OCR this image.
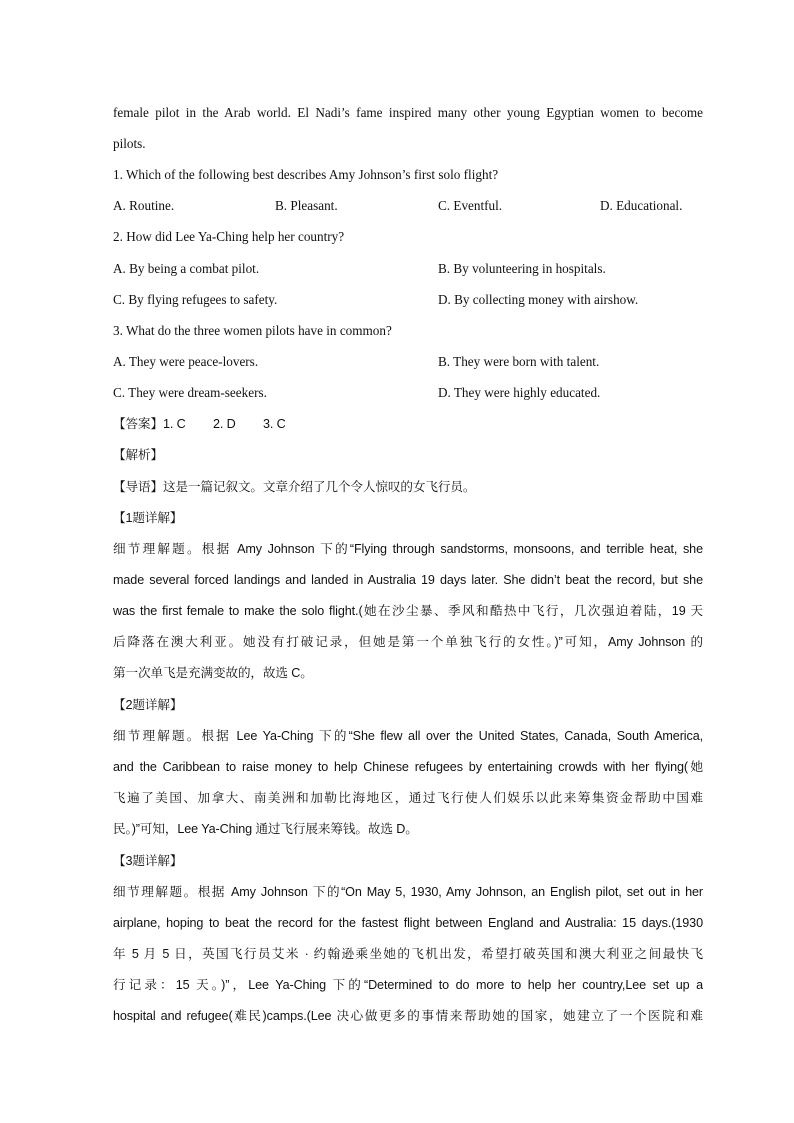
female pilot in the Arab world. El Nadi’s fame inspired many other young Egyptian women to become
pilots.
1. Which of the following best describes Amy Johnson’s first solo flight?
A. Routine.	B. Pleasant.	C. Eventful.	D. Educational.
2. How did Lee Ya-Ching help her country?
A. By being a combat pilot.	B. By volunteering in hospitals.
C. By flying refugees to safety.	D. By collecting money with airshow.
3. What do the three women pilots have in common?
A. They were peace-lovers.	B. They were born with talent.
C. They were dream-seekers.	D. They were highly educated.
【答案】1. C 2. D 3. C
【解析】
【导语】这是一篇记叙文。文章介绍了几个令人惊叹的女飞行员。
【1题详解】
细节理解题。根据 Amy Johnson 下的“Flying through sandstorms, monsoons, and terrible heat, she
made several forced landings and landed in Australia 19 days later. She didn’t beat the record, but she
was the first female to make the solo flight.(她在沙尘暴、季风和酷热中飞行，几次强迫着陆，19 天
后降落在澳大利亚。她没有打破记录，但她是第一个单独飞行的女性。)”可知，Amy Johnson 的
第一次单飞是充满变故的，故选 C。
【2题详解】
细节理解题。根据 Lee Ya-Ching 下的“She flew all over the United States, Canada, South America,
and the Caribbean to raise money to help Chinese refugees by entertaining crowds with her flying(她
飞遍了美国、加拿大、南美洲和加勒比海地区，通过飞行使人们娱乐以此来筹集资金帮助中国难
民。)”可知，Lee Ya-Ching 通过飞行展来筹钱。故选 D。
【3题详解】
细节理解题。根据 Amy Johnson 下的“On May 5, 1930, Amy Johnson, an English pilot, set out in her
airplane, hoping to beat the record for the fastest flight between England and Australia: 15 days.(1930
年 5 月 5 日，英国飞行员艾米 · 约翰逊乘坐她的飞机出发，希望打破英国和澳大利亚之间最快飞
行记录：15 天。)”，Lee Ya-Ching 下的“Determined to do more to help her country,Lee set up a
hospital and refugee(难民)camps.(Lee 决心做更多的事情来帮助她的国家，她建立了一个医院和难
